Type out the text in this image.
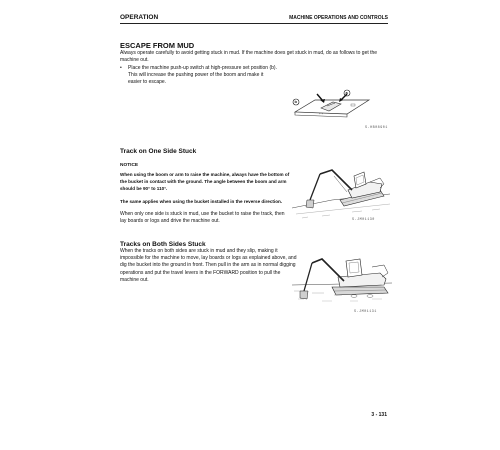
OPERATION	MACHINE OPERATIONS AND CONTROLS
ESCAPE FROM MUD

Always operate carefully to avoid getting stuck in mud. If the machine does get stuck in mud, do as follows to get the machine out.

•	Place the machine push-up switch at high-pressure set position (b). This will increase the pushing power of the boom and make it easier to escape.
b
a
S-HB08901
Track on One Side Stuck
NOTICE

When using the boom or arm to raise the machine, always have the bottom of the bucket in contact with the ground. The angle between the boom and arm should be 90° to 110°.

The same applies when using the bucket installed in the reverse direction.

When only one side is stuck in mud, use the bucket to raise the track, then lay boards or logs and drive the machine out.	S-JM01130
Tracks on Both Sides Stuck

When the tracks on both sides are stuck in mud and they slip, making it impossible for the machine to move, lay boards or logs as explained above, and dig the bucket into the ground in front. Then pull in the arm as in normal digging operations and put the travel levers in the FORWARD position to pull the machine out.

S-JM01131
3 - 131
